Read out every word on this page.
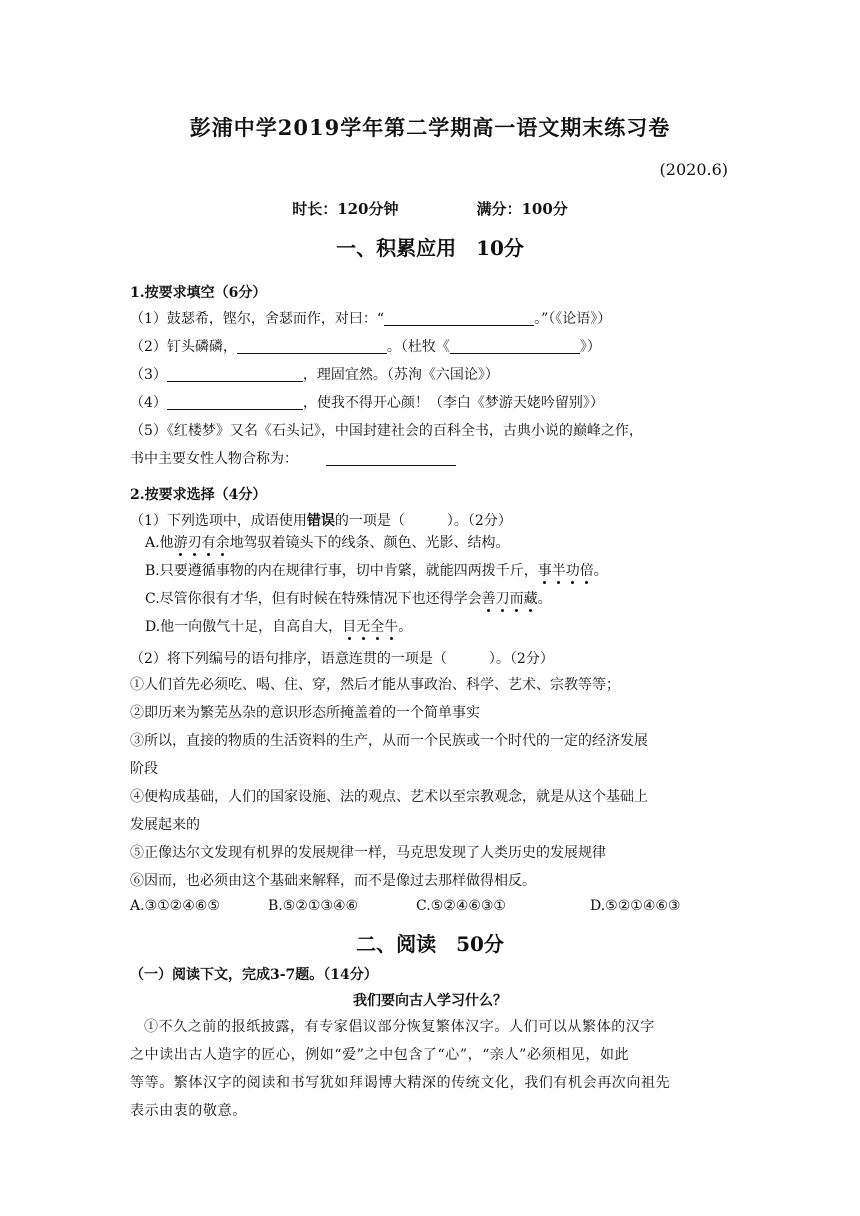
彭浦中学2019学年第二学期高一语文期末练习卷
(2020.6)
时长：120分钟	满分：100分
一、积累应用　10分
1.按要求填空（6分）
（1）鼓瑟希，铿尔，舍瑟而作，对曰：“	。”（《论语》）
（2）钉头磷磷，	。（杜牧《	》）
（3）	，理固宜然。（苏洵《六国论》）
（4）	，使我不得开心颜！（李白《梦游天姥吟留别》）
（5）《红楼梦》又名《石头记》，中国封建社会的百科全书，古典小说的巅峰之作，
书中主要女性人物合称为：
2.按要求选择（4分）
（1）下列选项中，成语使用错误的一项是（　　　）。（2分）
A.他游刃有余地驾驭着镜头下的线条、颜色、光影、结构。
B.只要遵循事物的内在规律行事，切中肯綮，就能四两拨千斤，事半功倍。
C.尽管你很有才华，但有时候在特殊情况下也还得学会善刀而藏。
D.他一向傲气十足，自高自大，目无全牛。
（2）将下列编号的语句排序，语意连贯的一项是（　　　）。（2分）
①人们首先必须吃、喝、住、穿，然后才能从事政治、科学、艺术、宗教等等；
②即历来为繁芜丛杂的意识形态所掩盖着的一个简单事实
③所以，直接的物质的生活资料的生产，从而一个民族或一个时代的一定的经济发展
阶段
④便构成基础，人们的国家设施、法的观点、艺术以至宗教观念，就是从这个基础上
发展起来的
⑤正像达尔文发现有机界的发展规律一样，马克思发现了人类历史的发展规律
⑥因而，也必须由这个基础来解释，而不是像过去那样做得相反。
A.③①②④⑥⑤	B.⑤②①③④⑥	C.⑤②④⑥③①	D.⑤②①④⑥③
二、阅读　50分
（一）阅读下文，完成3-7题。（14分）
我们要向古人学习什么？
①不久之前的报纸披露，有专家倡议部分恢复繁体汉字。人们可以从繁体的汉字
之中读出古人造字的匠心，例如“爱”之中包含了“心”，“亲人”必须相见，如此
等等。繁体汉字的阅读和书写犹如拜谒博大精深的传统文化，我们有机会再次向祖先
表示由衷的敬意。
